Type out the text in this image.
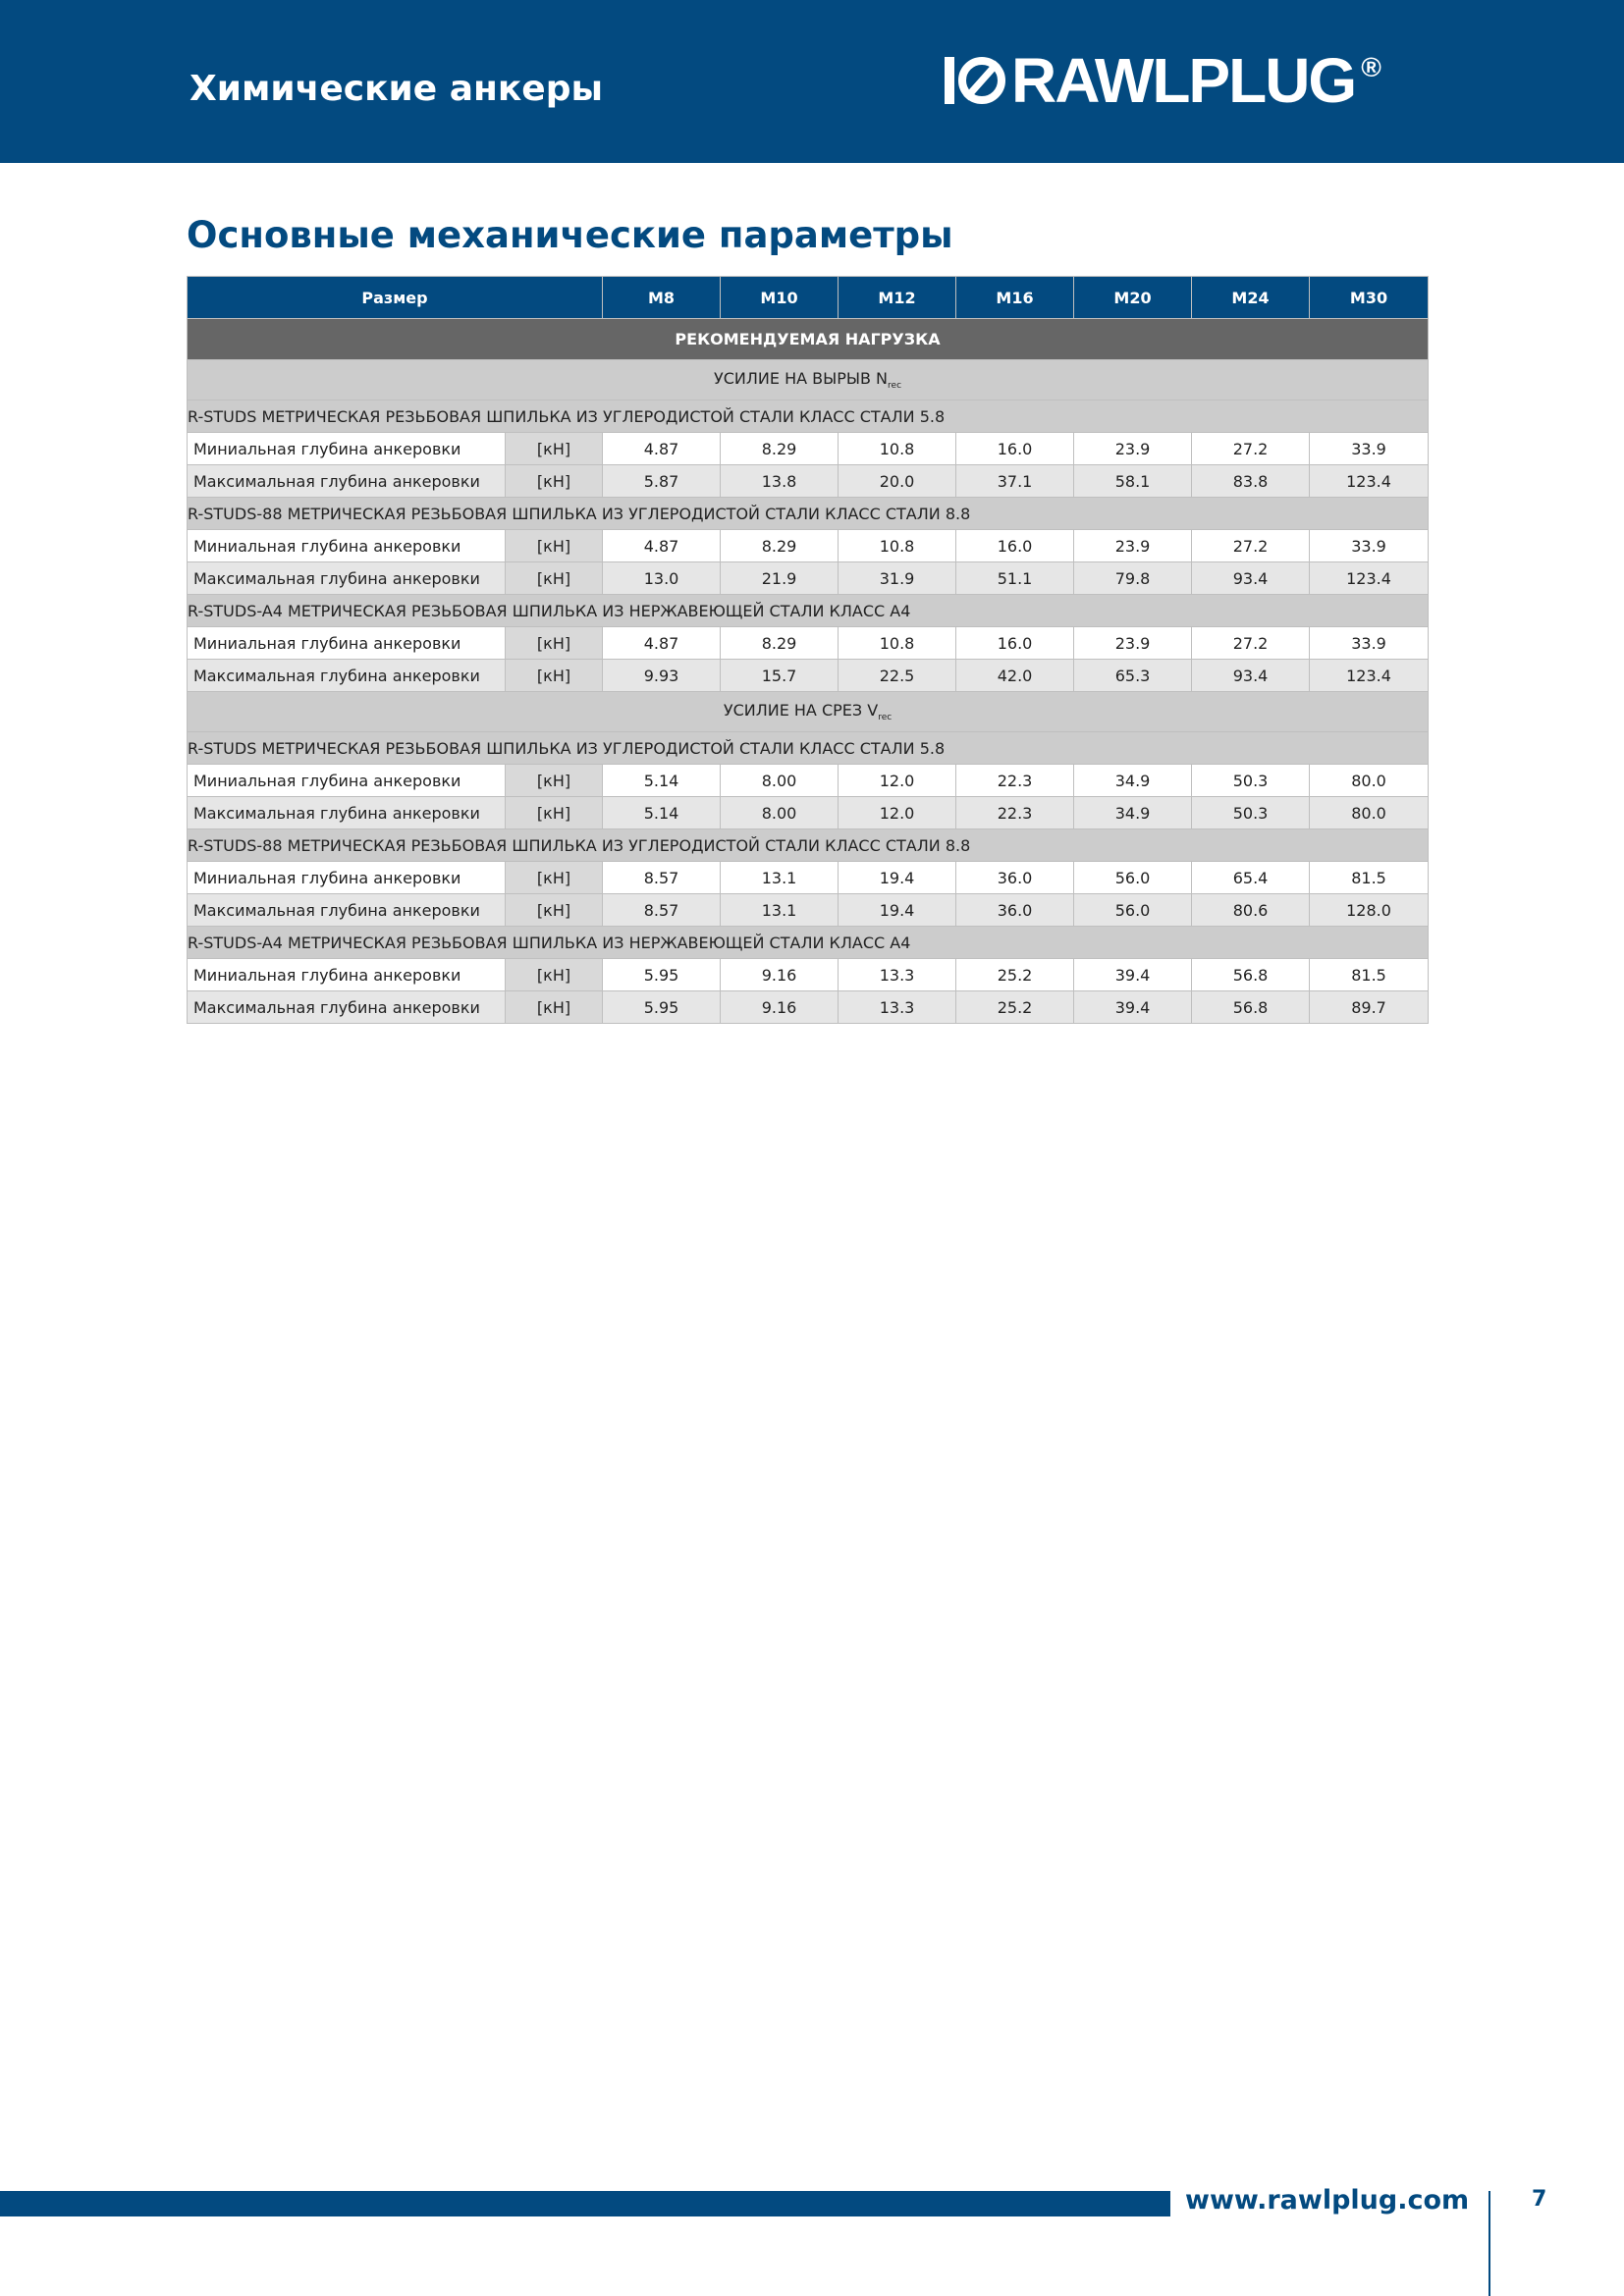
Химические анкеры	RAWLPLUG ®
Основные механические параметры
Размер		M8	M10	M12	M16	M20	M24	M30
РЕКОМЕНДУЕМАЯ НАГРУЗКА								
УСИЛИЕ НА ВЫРЫВ $N_{rec}$
R-STUDS МЕТРИЧЕСКАЯ РЕЗЬБОВАЯ ШПИЛЬКА ИЗ УГЛЕРОДИСТОЙ СТАЛИ КЛАСС СТАЛИ 5.8								
Миниальная глубина анкеровки	[кН]	4.87	8.29	10.8	16.0	23.9	27.2	33.9
Максимальная глубина анкеровки	[кН]	5.87	13.8	20.0	37.1	58.1	83.8	123.4
R-STUDS-88 МЕТРИЧЕСКАЯ РЕЗЬБОВАЯ ШПИЛЬКА ИЗ УГЛЕРОДИСТОЙ СТАЛИ КЛАСС СТАЛИ 8.8								
Миниальная глубина анкеровки	[кН]	4.87	8.29	10.8	16.0	23.9	27.2	33.9
Максимальная глубина анкеровки	[кН]	13.0	21.9	31.9	51.1	79.8	93.4	123.4
R-STUDS-A4 МЕТРИЧЕСКАЯ РЕЗЬБОВАЯ ШПИЛЬКА ИЗ НЕРЖАВЕЮЩЕЙ СТАЛИ КЛАСС A4								
Миниальная глубина анкеровки	[кН]	4.87	8.29	10.8	16.0	23.9	27.2	33.9
Максимальная глубина анкеровки	[кН]	9.93	15.7	22.5	42.0	65.3	93.4	123.4
УСИЛИЕ НА СРЕЗ $V_{rec}$
R-STUDS МЕТРИЧЕСКАЯ РЕЗЬБОВАЯ ШПИЛЬКА ИЗ УГЛЕРОДИСТОЙ СТАЛИ КЛАСС СТАЛИ 5.8								
Миниальная глубина анкеровки	[кН]	5.14	8.00	12.0	22.3	34.9	50.3	80.0
Максимальная глубина анкеровки	[кН]	5.14	8.00	12.0	22.3	34.9	50.3	80.0
R-STUDS-88 МЕТРИЧЕСКАЯ РЕЗЬБОВАЯ ШПИЛЬКА ИЗ УГЛЕРОДИСТОЙ СТАЛИ КЛАСС СТАЛИ 8.8								
Миниальная глубина анкеровки	[кН]	8.57	13.1	19.4	36.0	56.0	65.4	81.5
Максимальная глубина анкеровки	[кН]	8.57	13.1	19.4	36.0	56.0	80.6	128.0
R-STUDS-A4 МЕТРИЧЕСКАЯ РЕЗЬБОВАЯ ШПИЛЬКА ИЗ НЕРЖАВЕЮЩЕЙ СТАЛИ КЛАСС A4								
Миниальная глубина анкеровки	[кН]	5.95	9.16	13.3	25.2	39.4	56.8	81.5
Максимальная глубина анкеровки	[кН]	5.95	9.16	13.3	25.2	39.4	56.8	89.7
www.rawlplug.com	7
